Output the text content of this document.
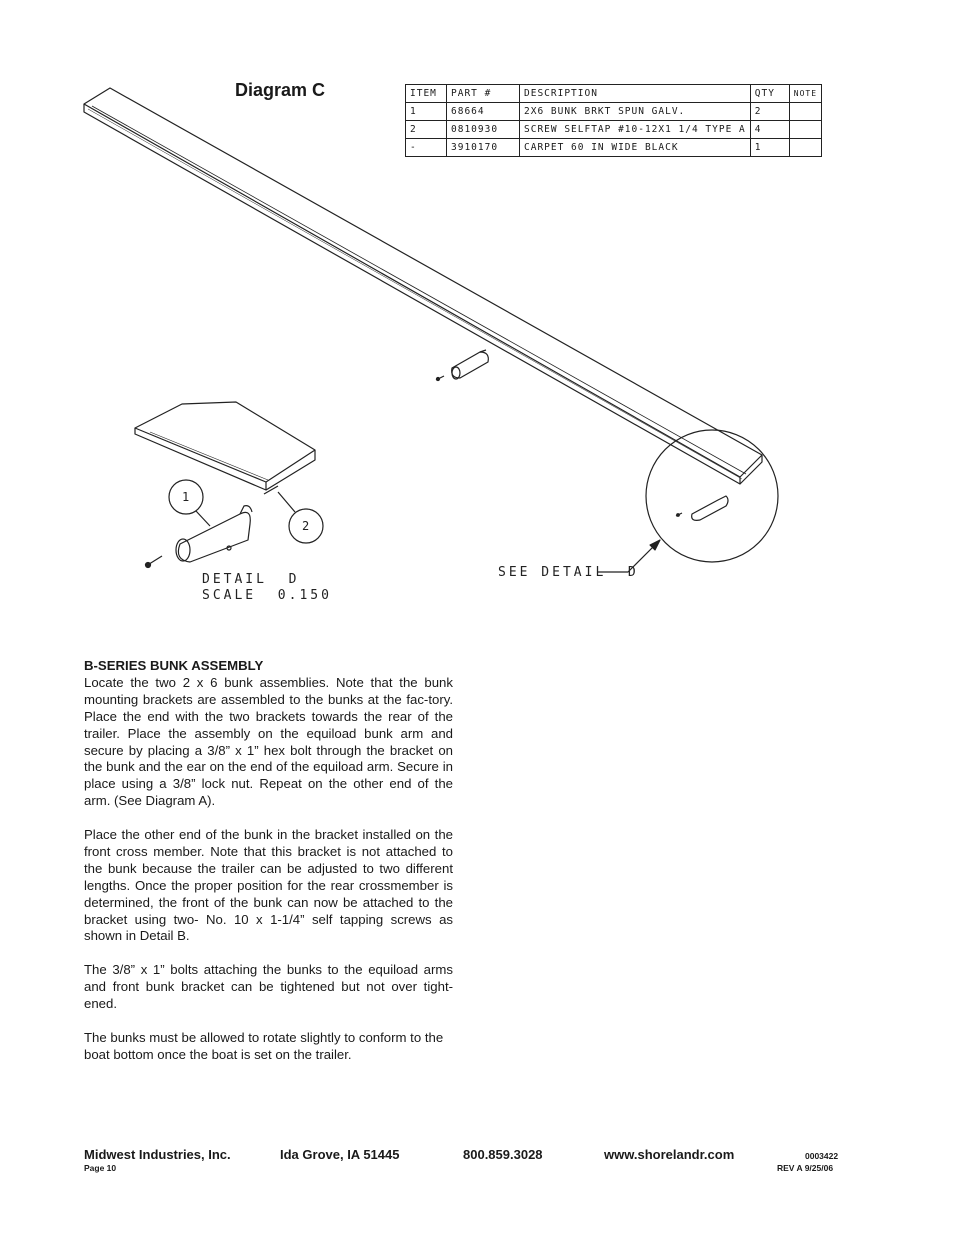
Diagram C	ITEM	PART #	DESCRIPTION	QTY	NOTE
1	68664	2X6 BUNK BRKT SPUN GALV.	2	
2	0810930	SCREW SELFTAP #10-12X1 1/4 TYPE A	4	
-	3910170	CARPET 60 IN WIDE BLACK	1	
1
2
DETAIL  D
SCALE  0.150
SEE DETAIL  D
B-SERIES BUNK ASSEMBLY

Locate the two 2 x 6 bunk assemblies. Note that the bunk mounting brackets are assembled to the bunks at the fac-tory. Place the end with the two brackets towards the rear of the trailer. Place the assembly on the equiload bunk arm and secure by placing a 3/8” x 1” hex bolt through the bracket on the bunk and the ear on the end of the equiload arm. Secure in place using a 3/8” lock nut. Repeat on the other end of the arm. (See Diagram A).

Place the other end of the bunk in the bracket installed on the front cross member. Note that this bracket is not attached to the bunk because the trailer can be adjusted to two different lengths. Once the proper position for the rear crossmember is determined, the front of the bunk can now be attached to the bracket using two- No. 10 x 1-1/4” self tapping screws as shown in Detail B.

The 3/8” x 1” bolts attaching the bunks to the equiload arms and front bunk bracket can be tightened but not over tight-ened.

The bunks must be allowed to rotate slightly to conform to the boat bottom once the boat is set on the trailer.

Midwest Industries, Inc.	Ida Grove, IA 51445	800.859.3028	www.shorelandr.com	0003422
Page 10	REV A 9/25/06
